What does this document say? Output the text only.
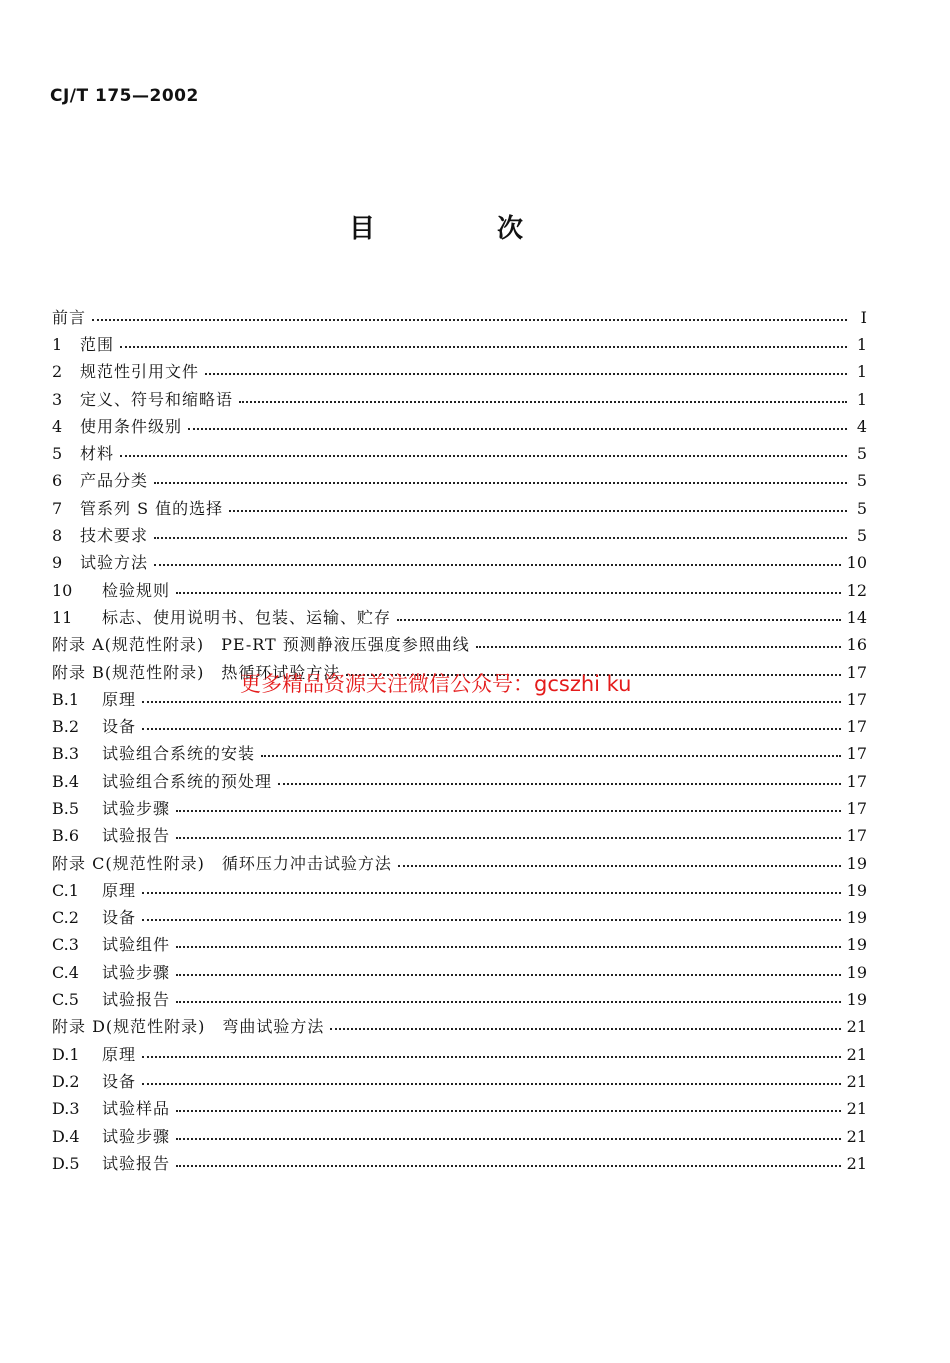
CJ/T 175—2002
目　次
前言	I
1	范围	1
2	规范性引用文件	1
3	定义、符号和缩略语	1
4	使用条件级别	4
5	材料	5
6	产品分类	5
7	管系列 S 值的选择	5
8	技术要求	5
9	试验方法	10
10	检验规则	12
11	标志、使用说明书、包装、运输、贮存	14
附录 A(规范性附录)　PE-RT 预测静液压强度参照曲线	16
附录 B(规范性附录)　热循环试验方法	17
B.1	原理	17
B.2	设备	17
B.3	试验组合系统的安装	17
B.4	试验组合系统的预处理	17
B.5	试验步骤	17
B.6	试验报告	17
附录 C(规范性附录)　循环压力冲击试验方法	19
C.1	原理	19
C.2	设备	19
C.3	试验组件	19
C.4	试验步骤	19
C.5	试验报告	19
附录 D(规范性附录)　弯曲试验方法	21
D.1	原理	21
D.2	设备	21
D.3	试验样品	21
D.4	试验步骤	21
D.5	试验报告	21
更多精品资源关注微信公众号：gcszhi ku
